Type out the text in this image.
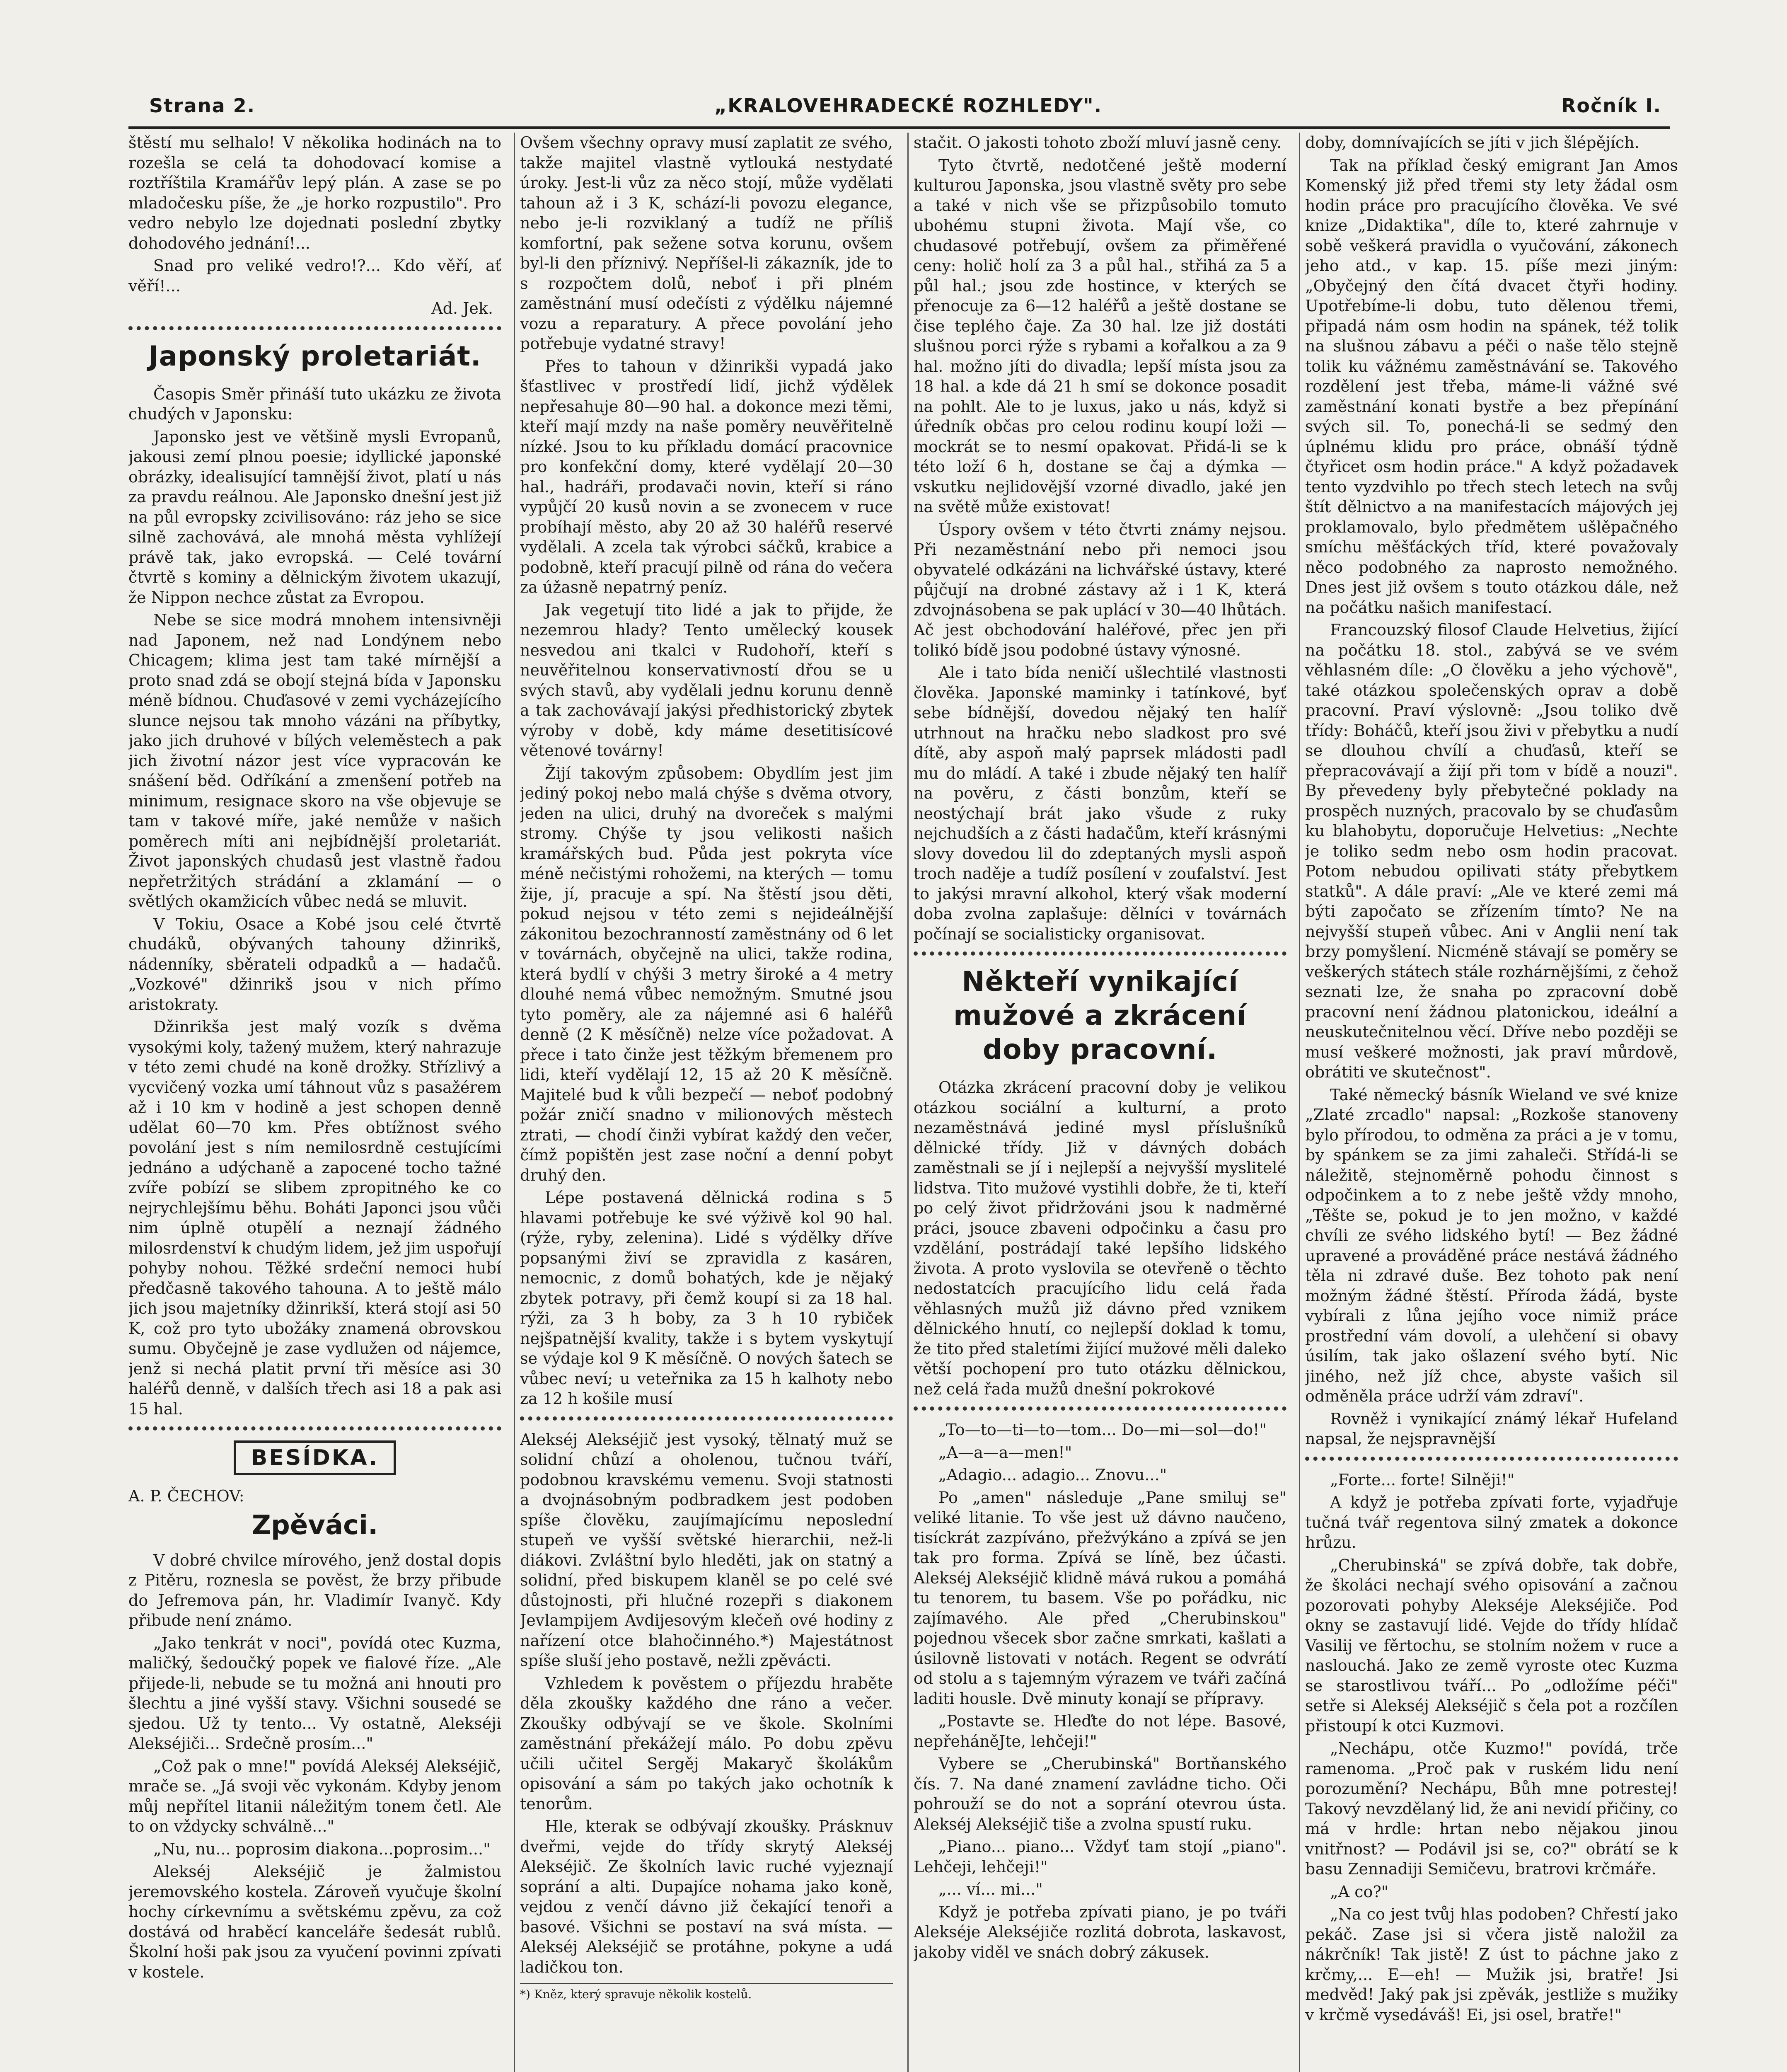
Strana 2.	„KRALOVEHRADECKÉ ROZHLEDY".	Ročník I.

štěstí mu selhalo! V několika hodinách na to rozešla se celá ta dohodovací komise a roztříštila Kramářův lepý plán. A zase se po mladočesku píše, že „je horko rozpustilo". Pro vedro nebylo lze dojednati poslední zbytky dohodového jednání!...

Snad pro veliké vedro!?... Kdo věří, ať věří!...

Ad. Jek.
Japonský proletariát.

Časopis Směr přináší tuto ukázku ze života chudých v Japonsku:

Japonsko jest ve většině mysli Evropanů, jakousi zemí plnou poesie; idyllické japonské obrázky, idealisující tamnější život, platí u nás za pravdu reálnou. Ale Japonsko dnešní jest již na půl evropsky zcivilisováno: ráz jeho se sice silně zachovává, ale mnohá města vyhlížejí právě tak, jako evropská. — Celé tovární čtvrtě s kominy a dělnickým životem ukazují, že Nippon nechce zůstat za Evropou.

Nebe se sice modrá mnohem intensivněji nad Japonem, než nad Londýnem nebo Chicagem; klima jest tam také mírnější a proto snad zdá se obojí stejná bída v Japonsku méně bídnou. Chuďasové v zemi vycházejícího slunce nejsou tak mnoho vázáni na příbytky, jako jich druhové v bílých veleměstech a pak jich životní názor jest více vypracován ke snášení běd. Odříkání a zmenšení potřeb na minimum, resignace skoro na vše objevuje se tam v takové míře, jaké nemůže v našich poměrech míti ani nejbídnější proletariát. Život japonských chudasů jest vlastně řadou nepřetržitých strádání a zklamání — o světlých okamžicích vůbec nedá se mluvit.

V Tokiu, Osace a Kobé jsou celé čtvrtě chudáků, obývaných tahouny džinrikš, nádenníky, sběrateli odpadků a — hadačů. „Vozkové" džinrikš jsou v nich přímo aristokraty.

Džinrikša jest malý vozík s dvěma vysokými koly, tažený mužem, který nahrazuje v této zemi chudé na koně drožky. Střízlivý a vycvičený vozka umí táhnout vůz s pasažérem až i 10 km v hodině a jest schopen denně udělat 60—70 km. Přes obtížnost svého povolání jest s ním nemilosrdně cestujícími jednáno a udýchaně a zapocené tocho tažné zvíře pobízí se slibem zpropitného ke co nejrychlejšímu běhu. Boháti Japonci jsou vůči nim úplně otupělí a neznají žádného milosrdenství k chudým lidem, jež jim uspořují pohyby nohou. Těžké srdeční nemoci hubí předčasně takového tahouna. A to ještě málo jich jsou majetníky džinrikší, která stojí asi 50 K, což pro tyto ubožáky znamená obrovskou sumu. Obyčejně je zase vydlužen od nájemce, jenž si nechá platit první tři měsíce asi 30 haléřů denně, v dalších třech asi 18 a pak asi 15 hal.

BESÍDKA.
A. P. ČECHOV:
Zpěváci.

V dobré chvilce mírového, jenž dostal dopis z Pitěru, roznesla se pověst, že brzy přibude do Jefremova pán, hr. Vladimír Ivanyč. Kdy přibude není známo.

„Jako tenkrát v noci", povídá otec Kuzma, maličký, šedoučký popek ve fialové říze. „Ale přijede-li, nebude se tu možná ani hnouti pro šlechtu a jiné vyšší stavy. Všichni sousedé se sjedou. Už ty tento... Vy ostatně, Alekséji Alekséjiči... Srdečně prosím..."

„Což pak o mne!" povídá Alekséj Alekséjič, mrače se. „Já svoji věc vykonám. Kdyby jenom můj nepřítel litanii náležitým tonem četl. Ale to on vždycky schválně..."

„Nu, nu... poprosim diakona...poprosim..."

Alekséj Alekséjič je žalmistou jeremovského kostela. Zároveň vyučuje školní hochy církevnímu a světskému zpěvu, za což dostává od hraběcí kanceláře šedesát rublů. Školní hoši pak jsou za vyučení povinni zpívati v kostele.

Ovšem všechny opravy musí zaplatit ze svého, takže majitel vlastně vytlouká nestydaté úroky. Jest-li vůz za něco stojí, může vydělati tahoun až i 3 K, schází-li povozu elegance, nebo je-li rozviklaný a tudíž ne příliš komfortní, pak sežene sotva korunu, ovšem byl-li den příznivý. Nepříšel-li zákazník, jde to s rozpočtem dolů, neboť i při plném zaměstnání musí odečísti z výdělku nájemné vozu a reparatury. A přece povolání jeho potřebuje vydatné stravy!

Přes to tahoun v džinrikši vypadá jako šťastlivec v prostředí lidí, jichž výdělek nepřesahuje 80—90 hal. a dokonce mezi těmi, kteří mají mzdy na naše poměry neuvěřitelně nízké. Jsou to ku příkladu domácí pracovnice pro konfekční domy, které vydělají 20—30 hal., hadráři, prodavači novin, kteří si ráno vypůjčí 20 kusů novin a se zvonecem v ruce probíhají město, aby 20 až 30 haléřů reservé vydělali. A zcela tak výrobci sáčků, krabice a podobně, kteří pracují pilně od rána do večera za úžasně nepatrný peníz.

Jak vegetují tito lidé a jak to přijde, že nezemrou hlady? Tento umělecký kousek nesvedou ani tkalci v Rudohoří, kteří s neuvěřitelnou konservativností dřou se u svých stavů, aby vydělali jednu korunu denně a tak zachovávají jakýsi předhistorický zbytek výroby v době, kdy máme desetitisícové větenové továrny!

Žijí takovým způsobem: Obydlím jest jim jediný pokoj nebo malá chýše s dvěma otvory, jeden na ulici, druhý na dvoreček s malými stromy. Chýše ty jsou velikosti našich kramářských bud. Půda jest pokryta více méně nečistými rohožemi, na kterých — tomu žije, jí, pracuje a spí. Na štěstí jsou děti, pokud nejsou v této zemi s nejideálnější zákonitou bezochranností zaměstnány od 6 let v továrnách, obyčejně na ulici, takže rodina, která bydlí v chýši 3 metry široké a 4 metry dlouhé nemá vůbec nemožným. Smutné jsou tyto poměry, ale za nájemné asi 6 haléřů denně (2 K měsíčně) nelze více požadovat. A přece i tato činže jest těžkým břemenem pro lidi, kteří vydělají 12, 15 až 20 K měsíčně. Majitelé bud k vůli bezpečí — neboť podobný požár zničí snadno v milionových městech ztrati, — chodí činži vybírat každý den večer, čímž popištěn jest zase noční a denní pobyt druhý den.

Lépe postavená dělnická rodina s 5 hlavami potřebuje ke své výživě kol 90 hal. (rýže, ryby, zelenina). Lidé s výdělky dříve popsanými živí se zpravidla z kasáren, nemocnic, z domů bohatých, kde je nějaký zbytek potravy, při čemž koupí si za 18 hal. rýži, za 3 h boby, za 3 h 10 rybiček nejšpatnější kvality, takže i s bytem vyskytují se výdaje kol 9 K měsíčně. O nových šatech se vůbec neví; u veteřnika za 15 h kalhoty nebo za 12 h košile musí

Alekséj Alekséjič jest vysoký, tělnatý muž se solidní chůzí a oholenou, tučnou tváří, podobnou kravskému vemenu. Svoji statnosti a dvojnásobným podbradkem jest podoben spíše člověku, zaujímajícímu neposlední stupeň ve vyšší světské hierarchii, než-li diákovi. Zvláštní bylo hleděti, jak on statný a solidní, před biskupem klaněl se po celé své důstojnosti, při hlučné rozepři s diakonem Jevlampijem Avdijesovým klečeň ové hodiny z nařízení otce blahočinného.*) Majestátnost spíše sluší jeho postavě, nežli zpěvácti.

Vzhledem k pověstem o příjezdu hraběte děla zkoušky každého dne ráno a večer. Zkoušky odbývají se ve škole. Skolními zaměstnání překážejí málo. Po dobu zpěvu učili učitel Sergěj Makaryč školákům opisování a sám po takých jako ochotník k tenorům.

Hle, kterak se odbývají zkoušky. Prásknuv dveřmi, vejde do třídy skrytý Alekséj Alekséjič. Ze školních lavic ruché vyjeznají soprání a alti. Dupajíce nohama jako koně, vejdou z venčí dávno již čekající tenoři a basové. Všichni se postaví na svá místa. — Alekséj Alekséjič se protáhne, pokyne a udá ladičkou ton.

*) Kněz, který spravuje několik kostelů.

stačit. O jakosti tohoto zboží mluví jasně ceny.

Tyto čtvrtě, nedotčené ještě moderní kulturou Japonska, jsou vlastně světy pro sebe a také v nich vše se přizpůsobilo tomuto ubohému stupni života. Mají vše, co chudasové potřebují, ovšem za přiměřené ceny: holič holí za 3 a půl hal., střihá za 5 a půl hal.; jsou zde hostince, v kterých se přenocuje za 6—12 haléřů a ještě dostane se čise teplého čaje. Za 30 hal. lze již dostáti slušnou porci rýže s rybami a kořalkou a za 9 hal. možno jíti do divadla; lepší místa jsou za 18 hal. a kde dá 21 h smí se dokonce posadit na pohlt. Ale to je luxus, jako u nás, když si úředník občas pro celou rodinu koupí loži — mockrát se to nesmí opakovat. Přidá-li se k této loží 6 h, dostane se čaj a dýmka — vskutku nejlidovější vzorné divadlo, jaké jen na světě může existovat!

Úspory ovšem v této čtvrti známy nejsou. Při nezaměstnání nebo při nemoci jsou obyvatelé odkázáni na lichvářské ústavy, které půjčují na drobné zástavy až i 1 K, která zdvojnásobena se pak uplácí v 30—40 lhůtách. Ač jest obchodování haléřové, přec jen při tolikó bídě jsou podobné ústavy výnosné.

Ale i tato bída neničí ušlechtilé vlastnosti člověka. Japonské maminky i tatínkové, byť sebe bídnější, dovedou nějaký ten halíř utrhnout na hračku nebo sladkost pro své dítě, aby aspoň malý paprsek mládosti padl mu do mládí. A také i zbude nějaký ten halíř na pověru, z části bonzům, kteří se neostýchají brát jako všude z ruky nejchudších a z části hadačům, kteří krásnými slovy dovedou lil do zdeptaných mysli aspoň troch naděje a tudíž posílení v zoufalství. Jest to jakýsi mravní alkohol, který však moderní doba zvolna zaplašuje: dělníci v továrnách počínají se socialisticky organisovat.

Někteří vynikající mužové a zkrácení doby pracovní.

Otázka zkrácení pracovní doby je velikou otázkou sociální a kulturní, a proto nezaměstnává jediné mysl příslušníků dělnické třídy. Již v dávných dobách zaměstnali se jí i nejlepší a nejvyšší myslitelé lidstva. Tito mužové vystihli dobře, že ti, kteří po celý život přidržováni jsou k nadměrné práci, jsouce zbaveni odpočinku a času pro vzdělání, postrádají také lepšího lidského života. A proto vyslovila se otevřeně o těchto nedostatcích pracujícího lidu celá řada věhlasných mužů již dávno před vznikem dělnického hnutí, co nejlepší doklad k tomu, že tito před staletími žijící mužové měli daleko větší pochopení pro tuto otázku dělnickou, než celá řada mužů dnešní pokrokové

„To—to—ti—to—tom... Do—mi—sol—do!"

„A—a—a—men!"

„Adagio... adagio... Znovu..."

Po „amen" následuje „Pane smiluj se" veliké litanie. To vše jest už dávno naučeno, tisíckrát zazpíváno, přežvýkáno a zpívá se jen tak pro forma. Zpívá se líně, bez účasti. Alekséj Alekséjič klidně mává rukou a pomáhá tu tenorem, tu basem. Vše po pořádku, nic zajímavého. Ale před „Cherubinskou" pojednou všecek sbor začne smrkati, kašlati a úsilovně listovati v notách. Regent se odvrátí od stolu a s tajemným výrazem ve tváři začíná laditi housle. Dvě minuty konají se přípravy.

„Postavte se. Hleďte do not lépe. Basové, nepřeháněJte, lehčeji!"

Vybere se „Cherubinská" Bortňanského čís. 7. Na dané znamení zavládne ticho. Oči pohrouží se do not a soprání otevrou ústa. Alekséj Alekséjič tiše a zvolna spustí ruku.

„Piano... piano... Vždyť tam stojí „piano". Lehčeji, lehčeji!"

„... ví... mi..."

Když je potřeba zpívati piano, je po tváři Alekséje Alekséjiče rozlitá dobrota, laskavost, jakoby viděl ve snách dobrý zákusek.

doby, domnívajících se jíti v jich šlépějích.

Tak na příklad český emigrant Jan Amos Komenský již před třemi sty lety žádal osm hodin práce pro pracujícího člověka. Ve své knize „Didaktika", díle to, které zahrnuje v sobě veškerá pravidla o vyučování, zákonech jeho atd., v kap. 15. píše mezi jiným: „Obyčejný den čítá dvacet čtyři hodiny. Upotřebíme-li dobu, tuto dělenou třemi, připadá nám osm hodin na spánek, též tolik na slušnou zábavu a péči o naše tělo stejně tolik ku vážnému zaměstnávání se. Takového rozdělení jest třeba, máme-li vážné své zaměstnání konati bystře a bez přepínání svých sil. To, ponechá-li se sedmý den úplnému klidu pro práce, obnáší týdně čtyřicet osm hodin práce." A když požadavek tento vyzdvihlo po třech stech letech na svůj štít dělnictvo a na manifestacích májových jej proklamovalo, bylo předmětem ušlěpačného smíchu měšťáckých tříd, které považovaly něco podobného za naprosto nemožného. Dnes jest již ovšem s touto otázkou dále, než na počátku našich manifestací.

Francouzský filosof Claude Helvetius, žijící na počátku 18. stol., zabývá se ve svém věhlasném díle: „O člověku a jeho výchově", také otázkou společenských oprav a době pracovní. Praví výslovně: „Jsou toliko dvě třídy: Boháčů, kteří jsou živi v přebytku a nudí se dlouhou chvílí a chuďasů, kteří se přepracovávají a žijí při tom v bídě a nouzi". By převedeny byly přebytečné poklady na prospěch nuzných, pracovalo by se chuďasům ku blahobytu, doporučuje Helvetius: „Nechte je toliko sedm nebo osm hodin pracovat. Potom nebudou opilivati státy přebytkem statků". A dále praví: „Ale ve které zemi má býti započato se zřízením tímto? Ne na nejvyšší stupeň vůbec. Ani v Anglii není tak brzy pomyšlení. Nicméně stávají se poměry se veškerých státech stále rozhárnějšími, z čehož seznati lze, že snaha po zpracovní době pracovní není žádnou platonickou, ideální a neuskutečnitelnou věcí. Dříve nebo později se musí veškeré možnosti, jak praví můrdově, obrátiti ve skutečnost".

Také německý básník Wieland ve své knize „Zlaté zrcadlo" napsal: „Rozkoše stanoveny bylo přírodou, to odměna za práci a je v tomu, by spánkem se za jimi zahaleči. Střídá-li se náležitě, stejnoměrně pohodu činnost s odpočinkem a to z nebe ještě vždy mnoho, „Těšte se, pokud je to jen možno, v každé chvíli ze svého lidského bytí! — Bez žádné upravené a prováděné práce nestává žádného těla ni zdravé duše. Bez tohoto pak není možným žádné štěstí. Příroda žádá, byste vybírali z lůna jejího voce nimiž práce prostřední vám dovolí, a ulehčení si obavy úsilím, tak jako ošlazení svého bytí. Nic jiného, než jíž chce, abyste vašich sil odměněla práce udrží vám zdraví".

Rovněž i vynikající známý lékař Hufeland napsal, že nejspravnější

„Forte... forte! Silněji!"

A když je potřeba zpívati forte, vyjadřuje tučná tvář regentova silný zmatek a dokonce hrůzu.

„Cherubinská" se zpívá dobře, tak dobře, že školáci nechají svého opisování a začnou pozorovati pohyby Alekséje Alekséjiče. Pod okny se zastavují lidé. Vejde do třídy hlídač Vasilij ve fěrtochu, se stolním nožem v ruce a naslouchá. Jako ze země vyroste otec Kuzma se starostlivou tváří... Po „odložíme péči" setře si Alekséj Alekséjič s čela pot a rozčílen přistoupí k otci Kuzmovi.

„Nechápu, otče Kuzmo!" povídá, trče ramenoma. „Proč pak v ruském lidu není porozumění? Nechápu, Bůh mne potrestej! Takový nevzdělaný lid, že ani nevidí přičiny, co má v hrdle: hrtan nebo nějakou jinou vnitřnost? — Podávil jsi se, co?" obrátí se k basu Zennadiji Semičevu, bratrovi krčmáře.

„A co?"

„Na co jest tvůj hlas podoben? Chřestí jako pekáč. Zase jsi si včera jistě naložil za nákrčník! Tak jistě! Z úst to páchne jako z krčmy,... E—eh! — Mužik jsi, bratře! Jsi medvěd! Jaký pak jsi zpěvák, jestliže s mužiky v krčmě vysedáváš! Ei, jsi osel, bratře!"
